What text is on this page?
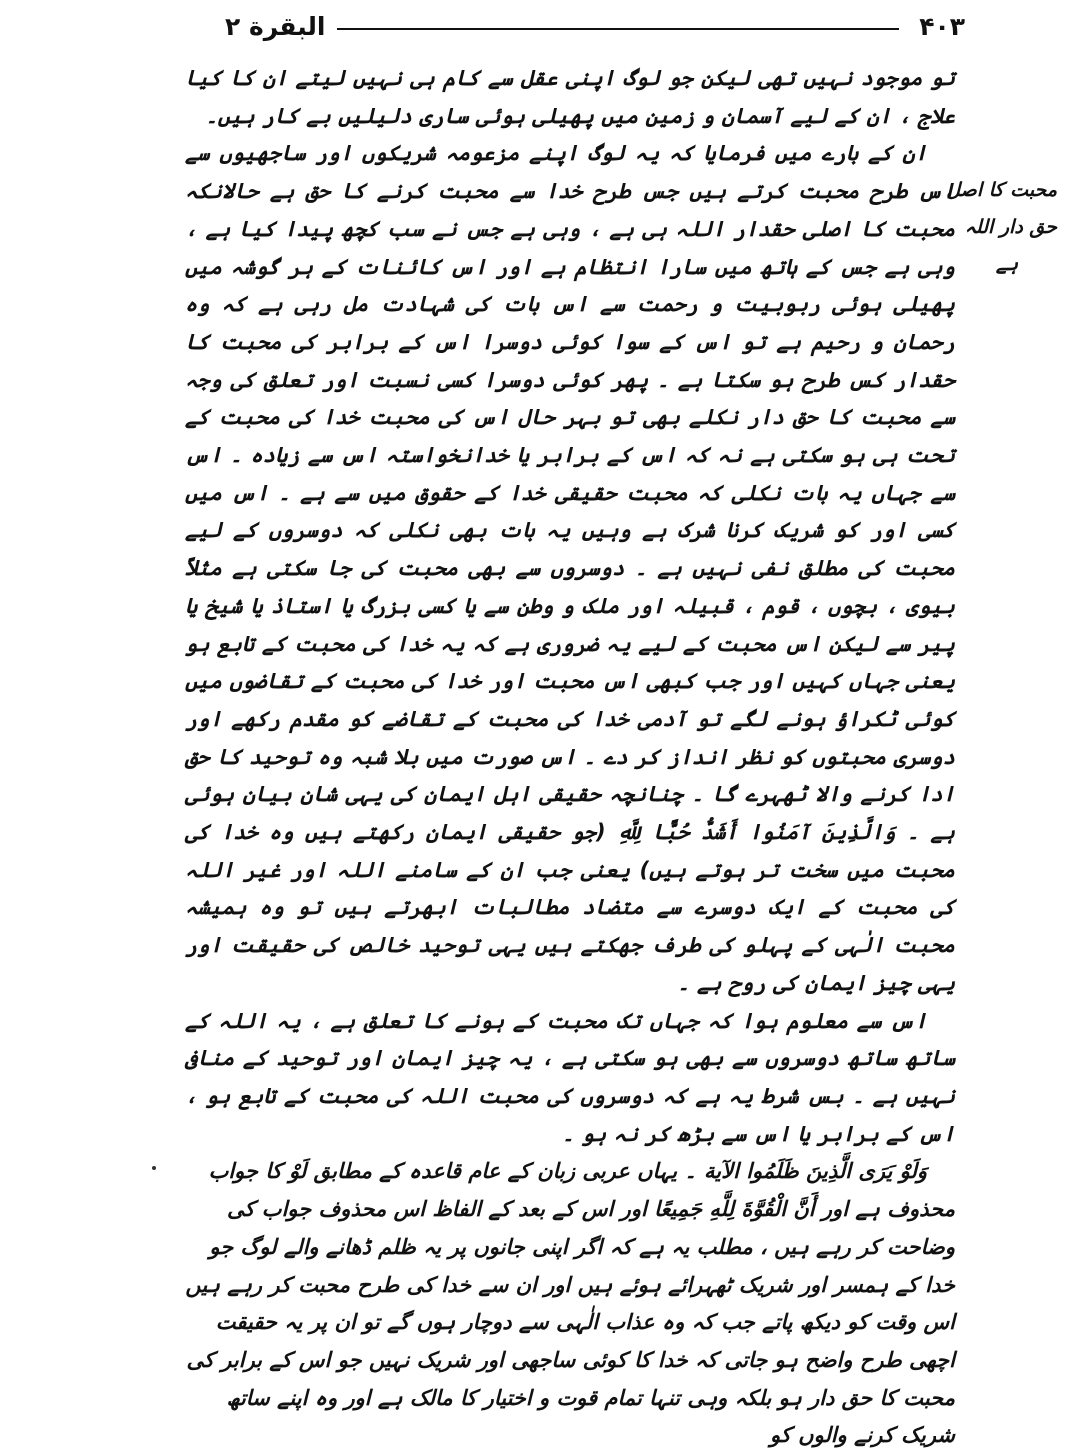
البقرة ٢	۴۰۳
محبت کا اصل
حق دار اللہ
ہے

تو موجود نہیں تھی لیکن جو لوگ اپنی عقل سے کام ہی نہیں لیتے ان کا کیا علاج ، ان کے لیے آسمان و زمین میں پھیلی ہوئی ساری دلیلیں بے کار ہیں۔

ان کے بارے میں فرمایا کہ یہ لوگ اپنے مزعومہ شریکوں اور ساجھیوں سے اس طرح محبت کرتے ہیں جس طرح خدا سے محبت کرنے کا حق ہے حالانکہ محبت کا اصلی حقدار اللہ ہی ہے ، وہی ہے جس نے سب کچھ پیدا کیا ہے ، وہی ہے جس کے ہاتھ میں سارا انتظام ہے اور اس کائنات کے ہر گوشہ میں پھیلی ہوئی ربوبیت و رحمت سے اس بات کی شہادت مل رہی ہے کہ وہ رحمان و رحیم ہے تو اس کے سوا کوئی دوسرا اس کے برابر کی محبت کا حقدار کس طرح ہو سکتا ہے ۔ پھر کوئی دوسرا کسی نسبت اور تعلق کی وجہ سے محبت کا حق دار نکلے بھی تو بہر حال اس کی محبت خدا کی محبت کے تحت ہی ہو سکتی ہے نہ کہ اس کے برابر یا خدانخواستہ اس سے زیادہ ۔ اس سے جہاں یہ بات نکلی کہ محبت حقیقی خدا کے حقوق میں سے ہے ۔ اس میں کسی اور کو شریک کرنا شرک ہے وہیں یہ بات بھی نکلی کہ دوسروں کے لیے محبت کی مطلق نفی نہیں ہے ۔ دوسروں سے بھی محبت کی جا سکتی ہے مثلاً بیوی ، بچوں ، قوم ، قبیلہ اور ملک و وطن سے یا کسی بزرگ یا استاذ یا شیخ یا پیر سے لیکن اس محبت کے لیے یہ ضروری ہے کہ یہ خدا کی محبت کے تابع ہو یعنی جہاں کہیں اور جب کبھی اس محبت اور خدا کی محبت کے تقاضوں میں کوئی ٹکراؤ ہونے لگے تو آدمی خدا کی محبت کے تقاضے کو مقدم رکھے اور دوسری محبتوں کو نظر انداز کر دے ۔ اس صورت میں بلا شبہ وہ توحید کا حق ادا کرنے والا ٹھہرے گا ۔ چنانچہ حقیقی اہل ایمان کی یہی شان بیان ہوئی ہے ۔ وَالَّذِينَ آمَنُوا أَشَدُّ حُبًّا لِلَّهِ (جو حقیقی ایمان رکھتے ہیں وہ خدا کی محبت میں سخت تر ہوتے ہیں) یعنی جب ان کے سامنے اللہ اور غیر اللہ کی محبت کے ایک دوسرے سے متضاد مطالبات ابھرتے ہیں تو وہ ہمیشہ محبت الٰہی کے پہلو کی طرف جھکتے ہیں یہی توحید خالص کی حقیقت اور یہی چیز ایمان کی روح ہے ۔

اس سے معلوم ہوا کہ جہاں تک محبت کے ہونے کا تعلق ہے ، یہ اللہ کے ساتھ ساتھ دوسروں سے بھی ہو سکتی ہے ، یہ چیز ایمان اور توحید کے منافی نہیں ہے ۔ بس شرط یہ ہے کہ دوسروں کی محبت اللہ کی محبت کے تابع ہو ، اس کے برابر یا اس سے بڑھ کر نہ ہو ۔

وَلَوْ يَرَى الَّذِينَ ظَلَمُوا الآية ۔ یہاں عربی زبان کے عام قاعدہ کے مطابق لَوْ کا جواب محذوف ہے اور أَنَّ الْقُوَّةَ لِلَّهِ جَمِيعًا اور اس کے بعد کے الفاظ اس محذوف جواب کی وضاحت کر رہے ہیں ، مطلب یہ ہے کہ اگر اپنی جانوں پر یہ ظلم ڈھانے والے لوگ جو خدا کے ہمسر اور شریک ٹھہرائے ہوئے ہیں اور ان سے خدا کی طرح محبت کر رہے ہیں اس وقت کو دیکھ پاتے جب کہ وہ عذاب الٰہی سے دوچار ہوں گے تو ان پر یہ حقیقت اچھی طرح واضح ہو جاتی کہ خدا کا کوئی ساجھی اور شریک نہیں جو اس کے برابر کی محبت کا حق دار ہو بلکہ وہی تنہا تمام قوت و اختیار کا مالک ہے اور وہ اپنے ساتھ شریک کرنے والوں کو
